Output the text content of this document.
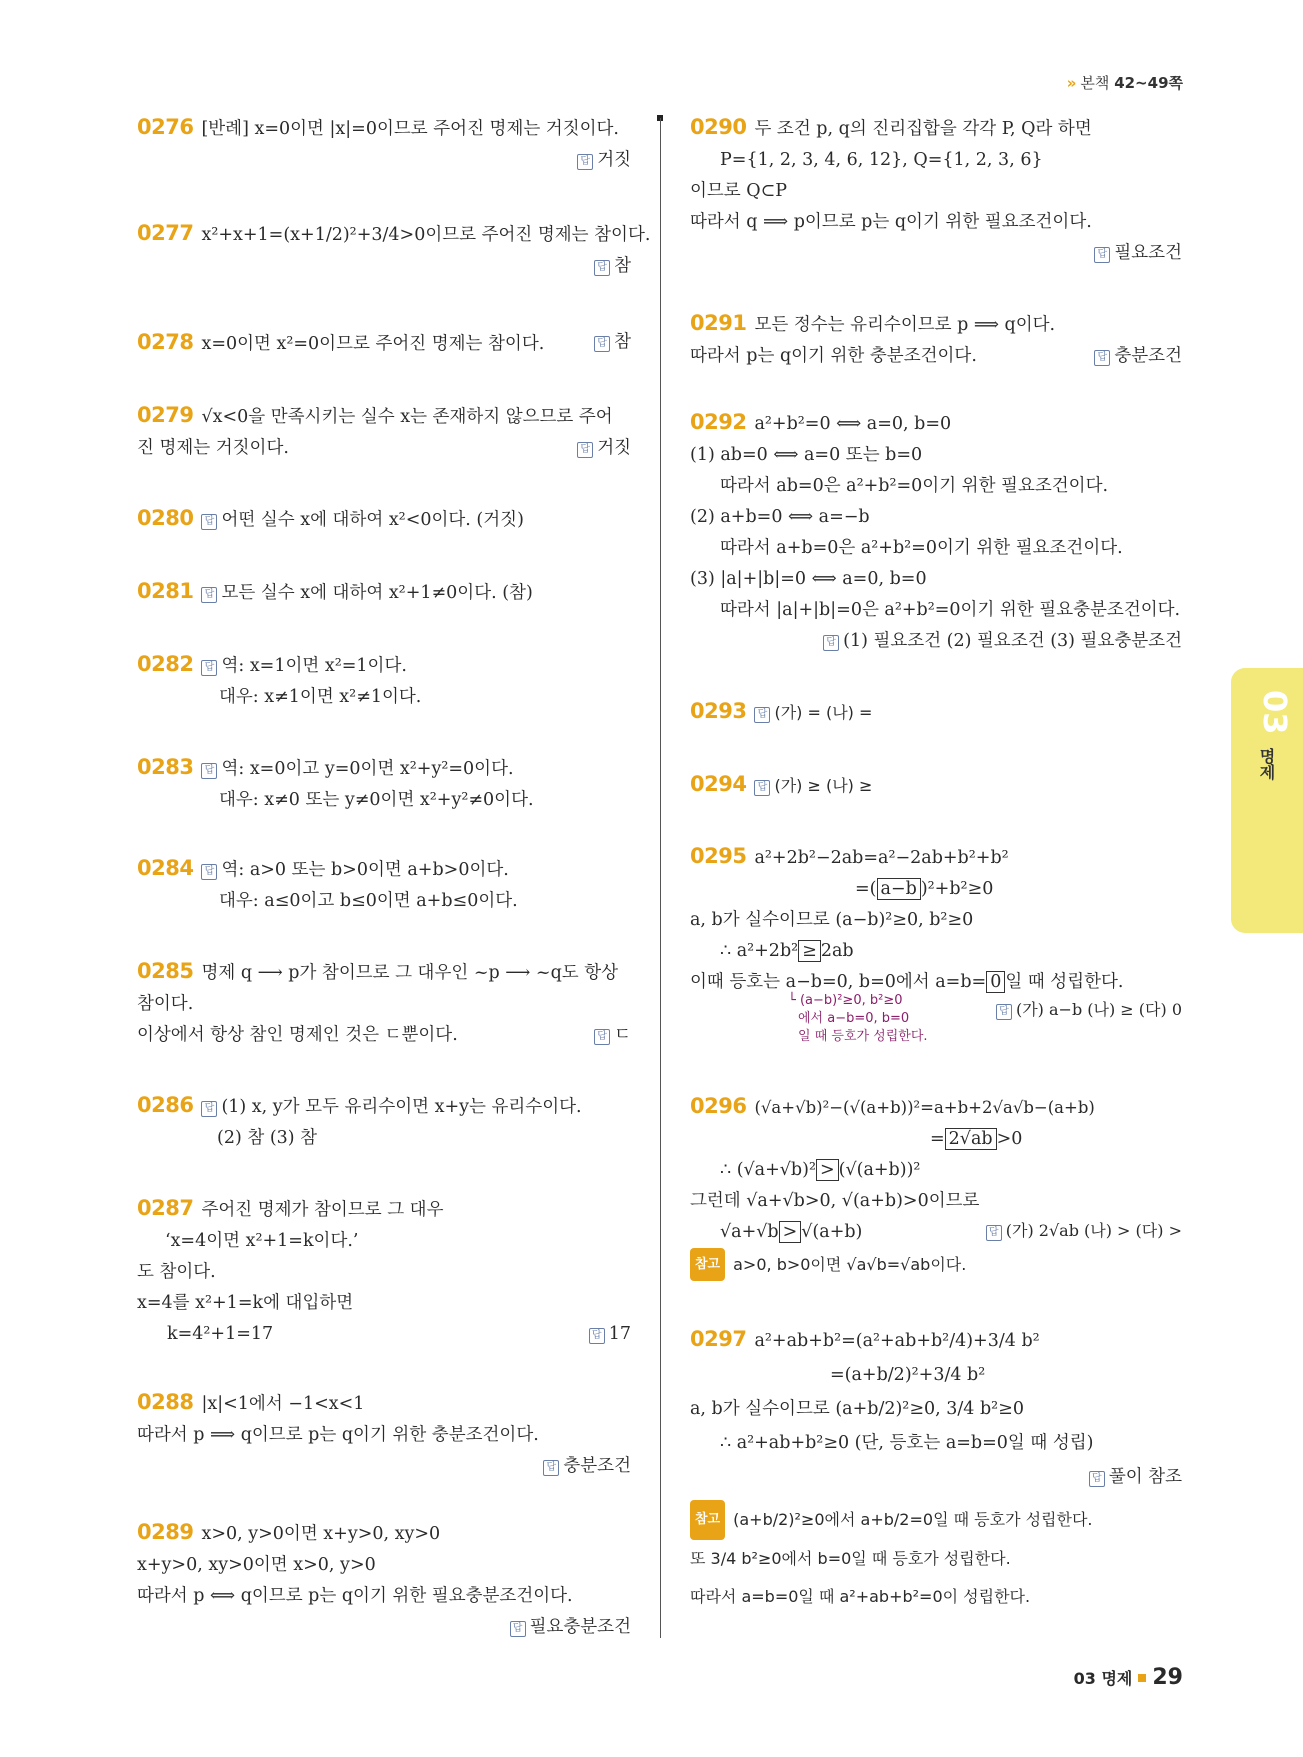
» 본책 42~49쪽
0276 [반례] x=0이면 |x|=0이므로 주어진 명제는 거짓이다.
답 거짓
0277 x²+x+1=(x+1/2)²+3/4>0이므로 주어진 명제는 참이다.
답 참
0278 x=0이면 x²=0이므로 주어진 명제는 참이다.	답 참
0279 √x<0을 만족시키는 실수 x는 존재하지 않으므로 주어
진 명제는 거짓이다.	답 거짓
0280 답 어떤 실수 x에 대하여 x²<0이다. (거짓)
0281 답 모든 실수 x에 대하여 x²+1≠0이다. (참)
0282 답 역: x=1이면 x²=1이다.
대우: x≠1이면 x²≠1이다.
0283 답 역: x=0이고 y=0이면 x²+y²=0이다.
대우: x≠0 또는 y≠0이면 x²+y²≠0이다.
0284 답 역: a>0 또는 b>0이면 a+b>0이다.
대우: a≤0이고 b≤0이면 a+b≤0이다.
0285 명제 q ⟶ p가 참이므로 그 대우인 ~p ⟶ ~q도 항상
참이다.
이상에서 항상 참인 명제인 것은 ㄷ뿐이다.	답 ㄷ
0286 답 (1) x, y가 모두 유리수이면 x+y는 유리수이다.
(2) 참 (3) 참
0287 주어진 명제가 참이므로 그 대우
‘x=4이면 x²+1=k이다.’
도 참이다.
x=4를 x²+1=k에 대입하면
k=4²+1=17	답 17
0288 |x|<1에서 −1<x<1
따라서 p ⟹ q이므로 p는 q이기 위한 충분조건이다.
답 충분조건
0289 x>0, y>0이면 x+y>0, xy>0
x+y>0, xy>0이면 x>0, y>0
따라서 p ⟺ q이므로 p는 q이기 위한 필요충분조건이다.
답 필요충분조건
0290 두 조건 p, q의 진리집합을 각각 P, Q라 하면
P={1, 2, 3, 4, 6, 12}, Q={1, 2, 3, 6}
이므로 Q⊂P
따라서 q ⟹ p이므로 p는 q이기 위한 필요조건이다.
답 필요조건
0291 모든 정수는 유리수이므로 p ⟹ q이다.
따라서 p는 q이기 위한 충분조건이다.	답 충분조건
0292 a²+b²=0 ⟺ a=0, b=0
(1) ab=0 ⟺ a=0 또는 b=0
따라서 ab=0은 a²+b²=0이기 위한 필요조건이다.
(2) a+b=0 ⟺ a=−b
따라서 a+b=0은 a²+b²=0이기 위한 필요조건이다.
(3) |a|+|b|=0 ⟺ a=0, b=0
따라서 |a|+|b|=0은 a²+b²=0이기 위한 필요충분조건이다.
답 (1) 필요조건 (2) 필요조건 (3) 필요충분조건
0293 답 (가) = (나) =
0294 답 (가) ≥ (나) ≥
0295 a²+2b²−2ab=a²−2ab+b²+b²
=( a−b )²+b²≥0
a, b가 실수이므로 (a−b)²≥0, b²≥0
∴ a²+2b² ≥ 2ab
이때 등호는 a−b=0, b=0에서 a=b= 0 일 때 성립한다.
└ (a−b)²≥0, b²≥0
에서 a−b=0, b=0
일 때 등호가 성립한다.
답 (가) a−b (나) ≥ (다) 0
0296 (√a+√b)²−(√(a+b))²=a+b+2√a√b−(a+b)
= 2√ab >0
∴ (√a+√b)² > (√(a+b))²
그런데 √a+√b>0, √(a+b)>0이므로
√a+√b > √(a+b)	답 (가) 2√ab (나) > (다) >

참고 a>0, b>0이면 √a√b=√ab이다.
0297 a²+ab+b²=(a²+ab+b²/4)+3/4 b²
=(a+b/2)²+3/4 b²
a, b가 실수이므로 (a+b/2)²≥0, 3/4 b²≥0
∴ a²+ab+b²≥0 (단, 등호는 a=b=0일 때 성립)
답 풀이 참조
참고 (a+b/2)²≥0에서 a+b/2=0일 때 등호가 성립한다.
또 3/4 b²≥0에서 b=0일 때 등호가 성립한다.
따라서 a=b=0일 때 a²+ab+b²=0이 성립한다.
03
명제
03 명제 29
